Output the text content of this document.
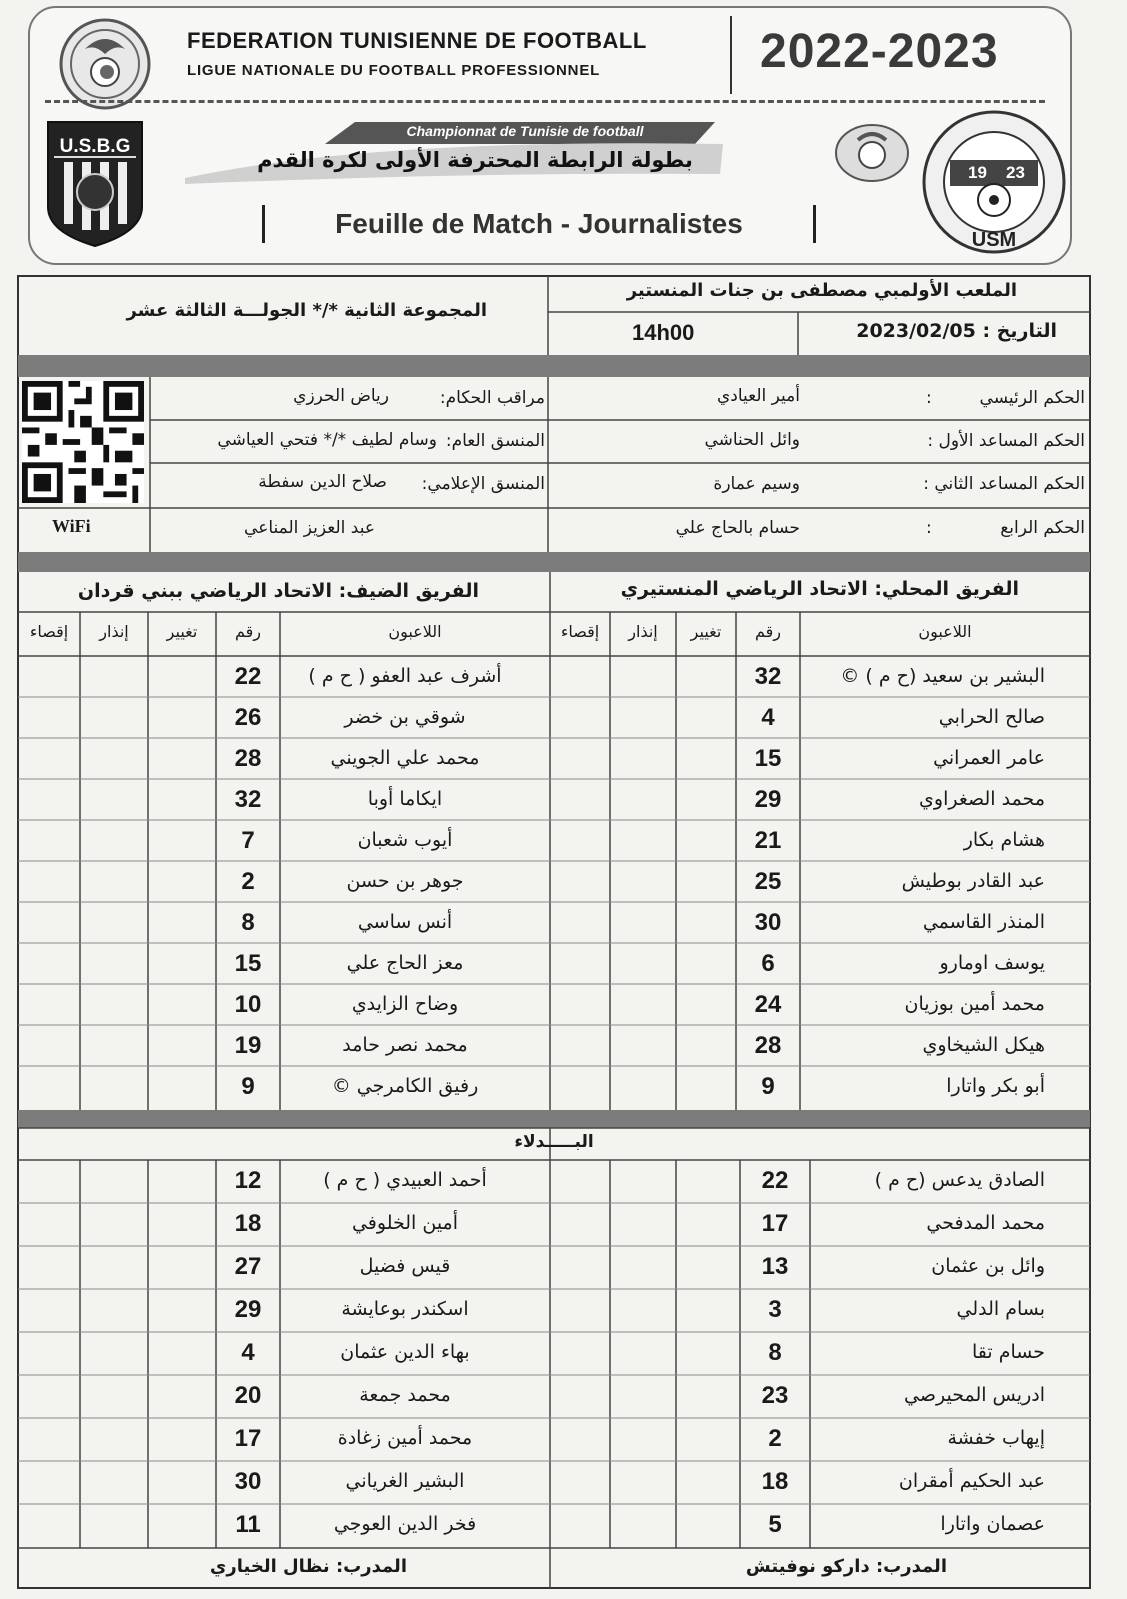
FEDERATION TUNISIENNE DE FOOTBALL
LIGUE NATIONALE DU FOOTBALL PROFESSIONNEL	2022-2023
U.S.B.G
Championnat de Tunisie de football
بطولة الرابطة المحترفة الأولى لكرة القدم
19 23
USM
Feuille de Match - Journalistes
الملعب الأولمبي مصطفى بن جنات المنستير
المجموعة الثانية */* الجولـــة الثالثة عشر
14h00	التاريخ : 2023/02/05
WiFi
الحكم الرئيسي
:
أمير العيادي
الحكم المساعد الأول :
وائل الحناشي
الحكم المساعد الثاني :
وسيم عمارة
الحكم الرابع
:
حسام بالحاج علي
مراقب الحكام:
رياض الحرزي
المنسق العام:
وسام لطيف */* فتحي العياشي
المنسق الإعلامي:
صلاح الدين سفطة
عبد العزيز المناعي
الفريق المحلي: الاتحاد الرياضي المنستيري
الفريق الضيف: الاتحاد الرياضي ببني قردان
اللاعبون
رقم
تغيير
إنذار
إقصاء
اللاعبون
رقم
تغيير
إنذار
إقصاء
البـــــدلاء
المدرب: داركو نوفيتش
المدرب: نظال الخياري
البشير بن سعيد (ح م ) ©
32
صالح الحرابي
4
عامر العمراني
15
محمد الصغراوي
29
هشام بكار
21
عبد القادر بوطيش
25
المنذر القاسمي
30
يوسف اومارو
6
محمد أمين بوزيان
24
هيكل الشيخاوي
28
أبو بكر واتارا
9
أشرف عبد العفو ( ح م )
22
شوقي بن خضر
26
محمد علي الجويني
28
ايكاما أوبا
32
أيوب شعبان
7
جوهر بن حسن
2
أنس ساسي
8
معز الحاج علي
15
وضاح الزايدي
10
محمد نصر حامد
19
رفيق الكامرجي ©
9
الصادق يدعس (ح م )
22
محمد المدفحي
17
وائل بن عثمان
13
بسام الدلي
3
حسام تقا
8
ادريس المحيرصي
23
إيهاب خفشة
2
عبد الحكيم أمقران
18
عصمان واتارا
5
أحمد العبيدي ( ح م )
12
أمين الخلوفي
18
قيس فضيل
27
اسكندر بوعايشة
29
بهاء الدين عثمان
4
محمد جمعة
20
محمد أمين زغادة
17
البشير الغرياني
30
فخر الدين العوجي
11
